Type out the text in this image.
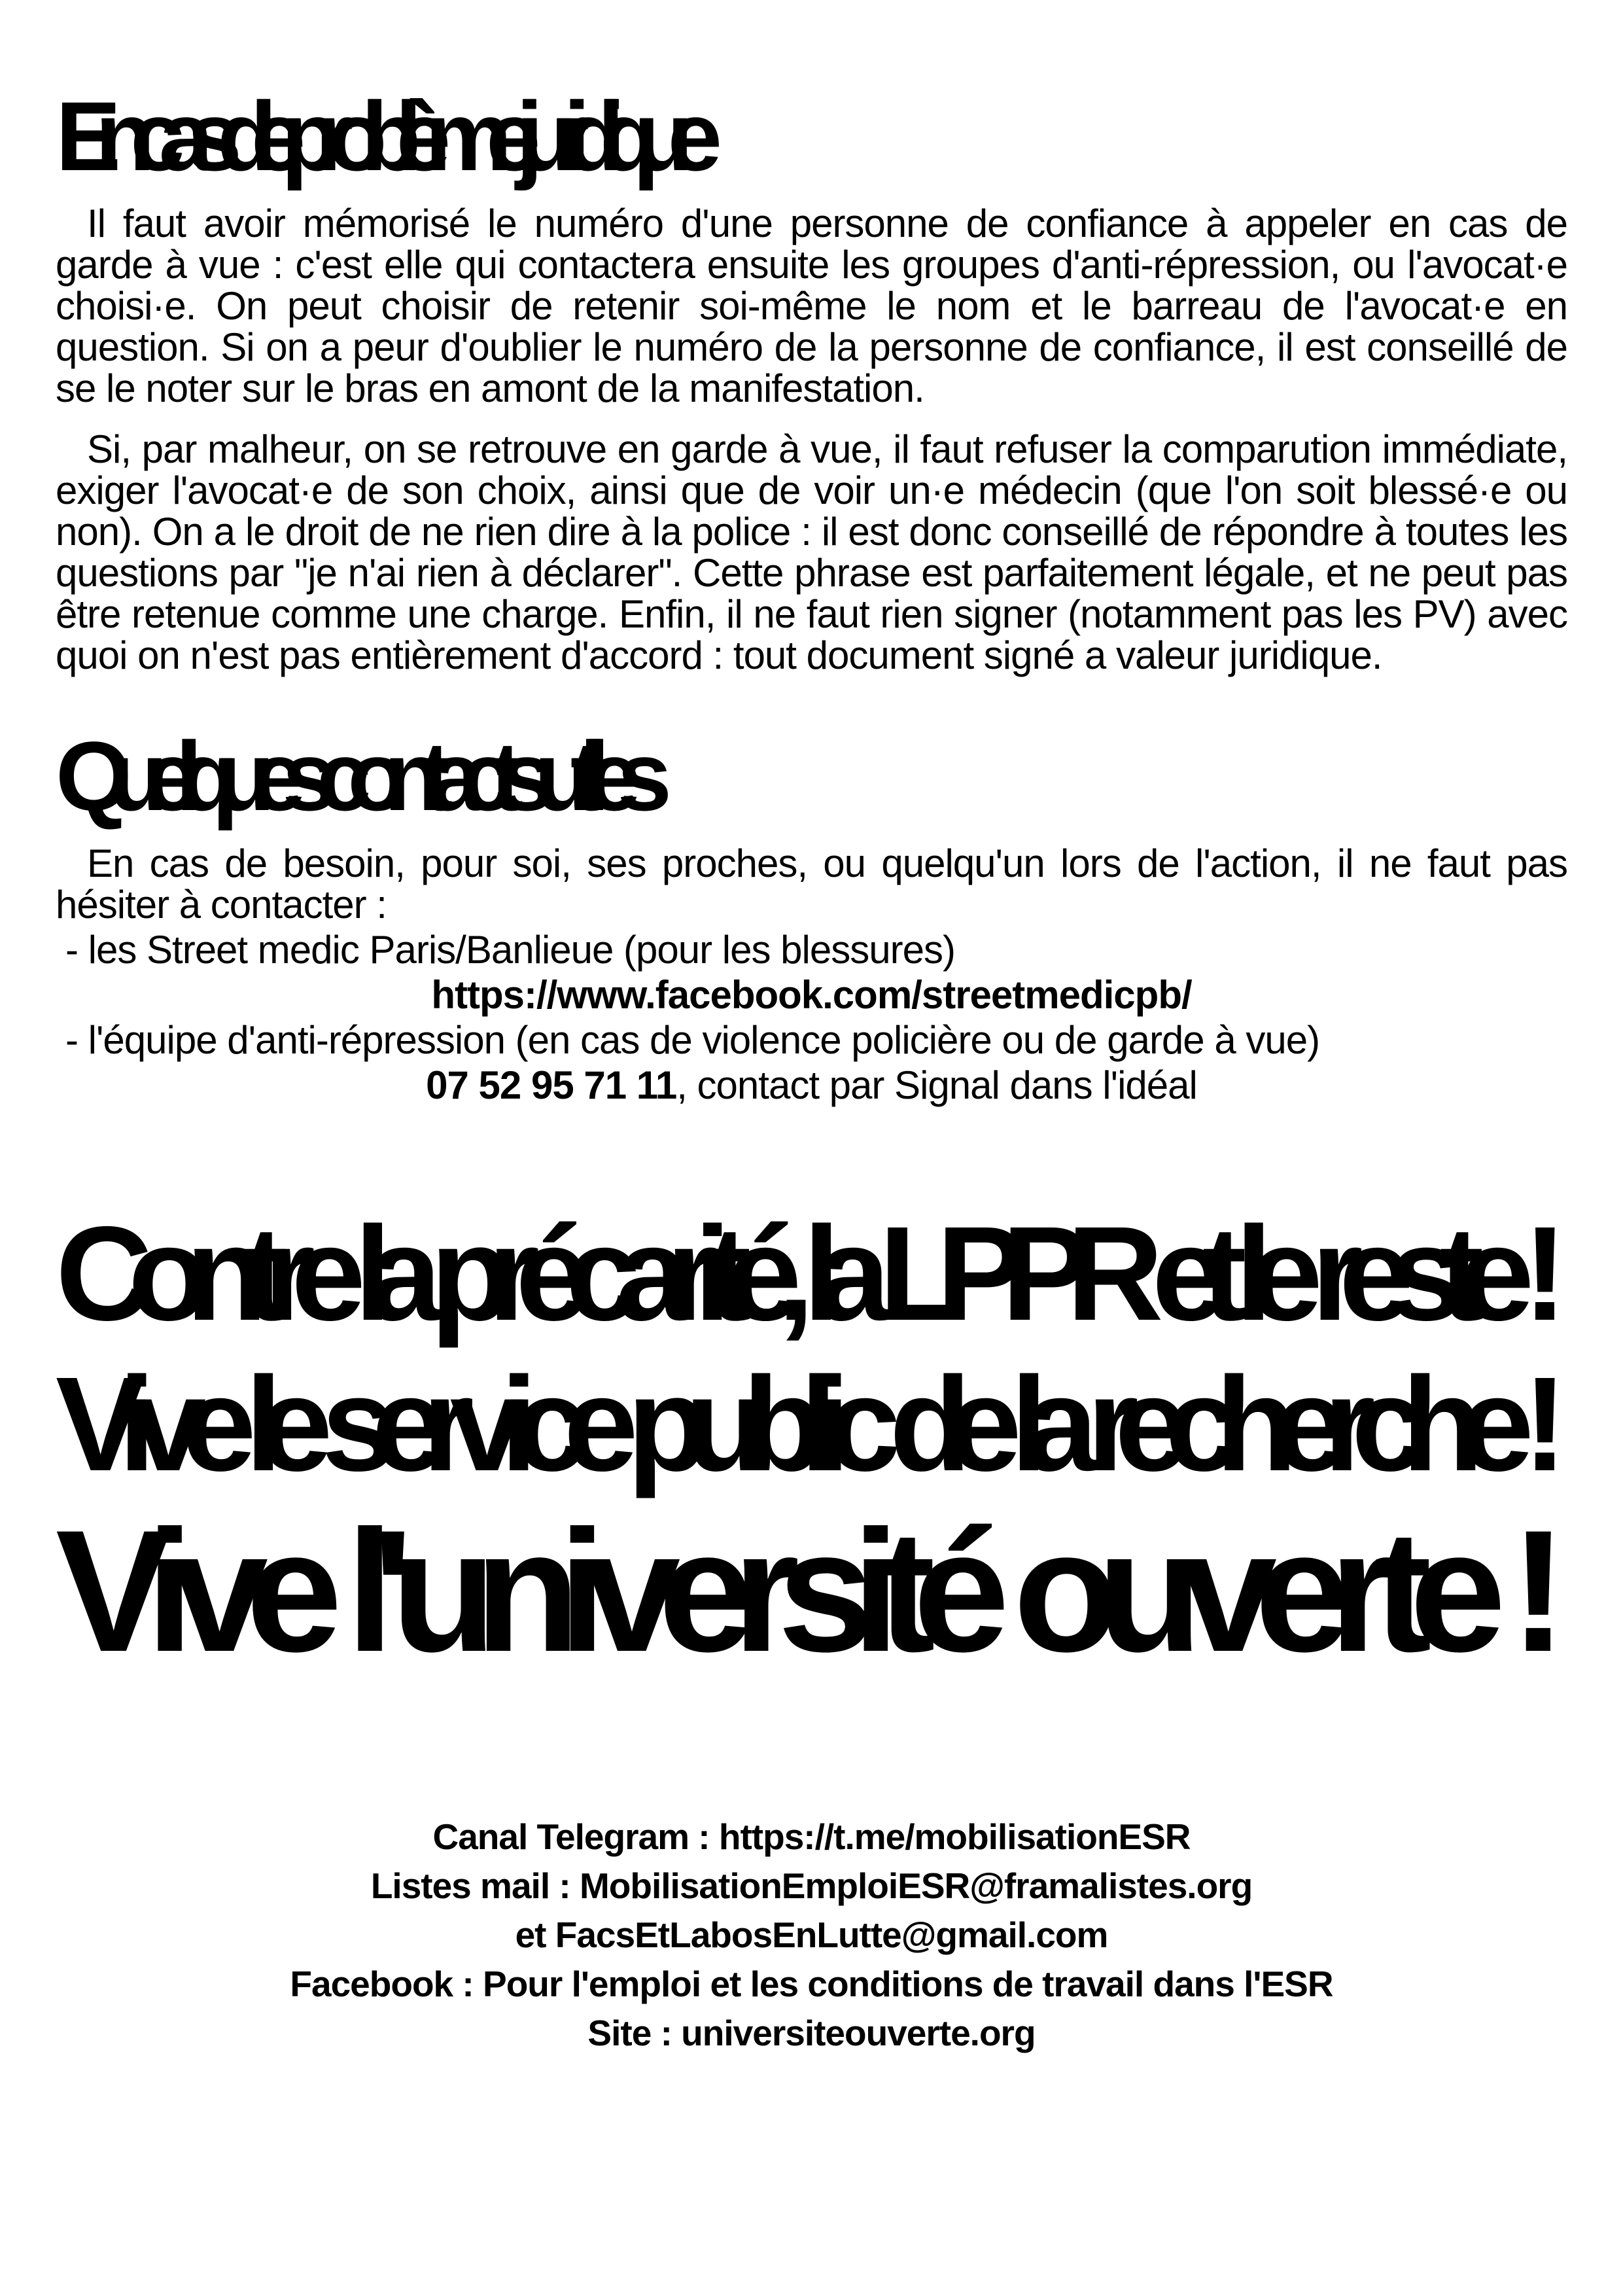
En cas de problème juridique

Il faut avoir mémorisé le numéro d'une personne de confiance à appeler en cas de garde à vue : c'est elle qui contactera ensuite les groupes d'anti-répression, ou l'avocat·e choisi·e. On peut choisir de retenir soi-même le nom et le barreau de l'avocat·e en question. Si on a peur d'oublier le numéro de la personne de confiance, il est conseillé de se le noter sur le bras en amont de la manifestation.

Si, par malheur, on se retrouve en garde à vue, il faut refuser la comparution immédiate, exiger l'avocat·e de son choix, ainsi que de voir un·e médecin (que l'on soit blessé·e ou non). On a le droit de ne rien dire à la police : il est donc conseillé de répondre à toutes les questions par "je n'ai rien à déclarer". Cette phrase est parfaitement légale, et ne peut pas être retenue comme une charge. Enfin, il ne faut rien signer (notamment pas les PV) avec quoi on n'est pas entièrement d'accord : tout document signé a valeur juridique.

Quelques contacts utiles

En cas de besoin, pour soi, ses proches, ou quelqu'un lors de l'action, il ne faut pas hésiter à contacter :

- les Street medic Paris/Banlieue (pour les blessures)

https://www.facebook.com/streetmedicpb/

- l'équipe d'anti-répression (en cas de violence policière ou de garde à vue)

07 52 95 71 11, contact par Signal dans l'idéal

Contre la précarité, la LPPR et le reste !
Vive le service public de la recherche !
Vive l'université ouverte !

Canal Telegram : https://t.me/mobilisationESR

Listes mail : MobilisationEmploiESR@framalistes.org

et FacsEtLabosEnLutte@gmail.com

Facebook : Pour l'emploi et les conditions de travail dans l'ESR

Site : universiteouverte.org
